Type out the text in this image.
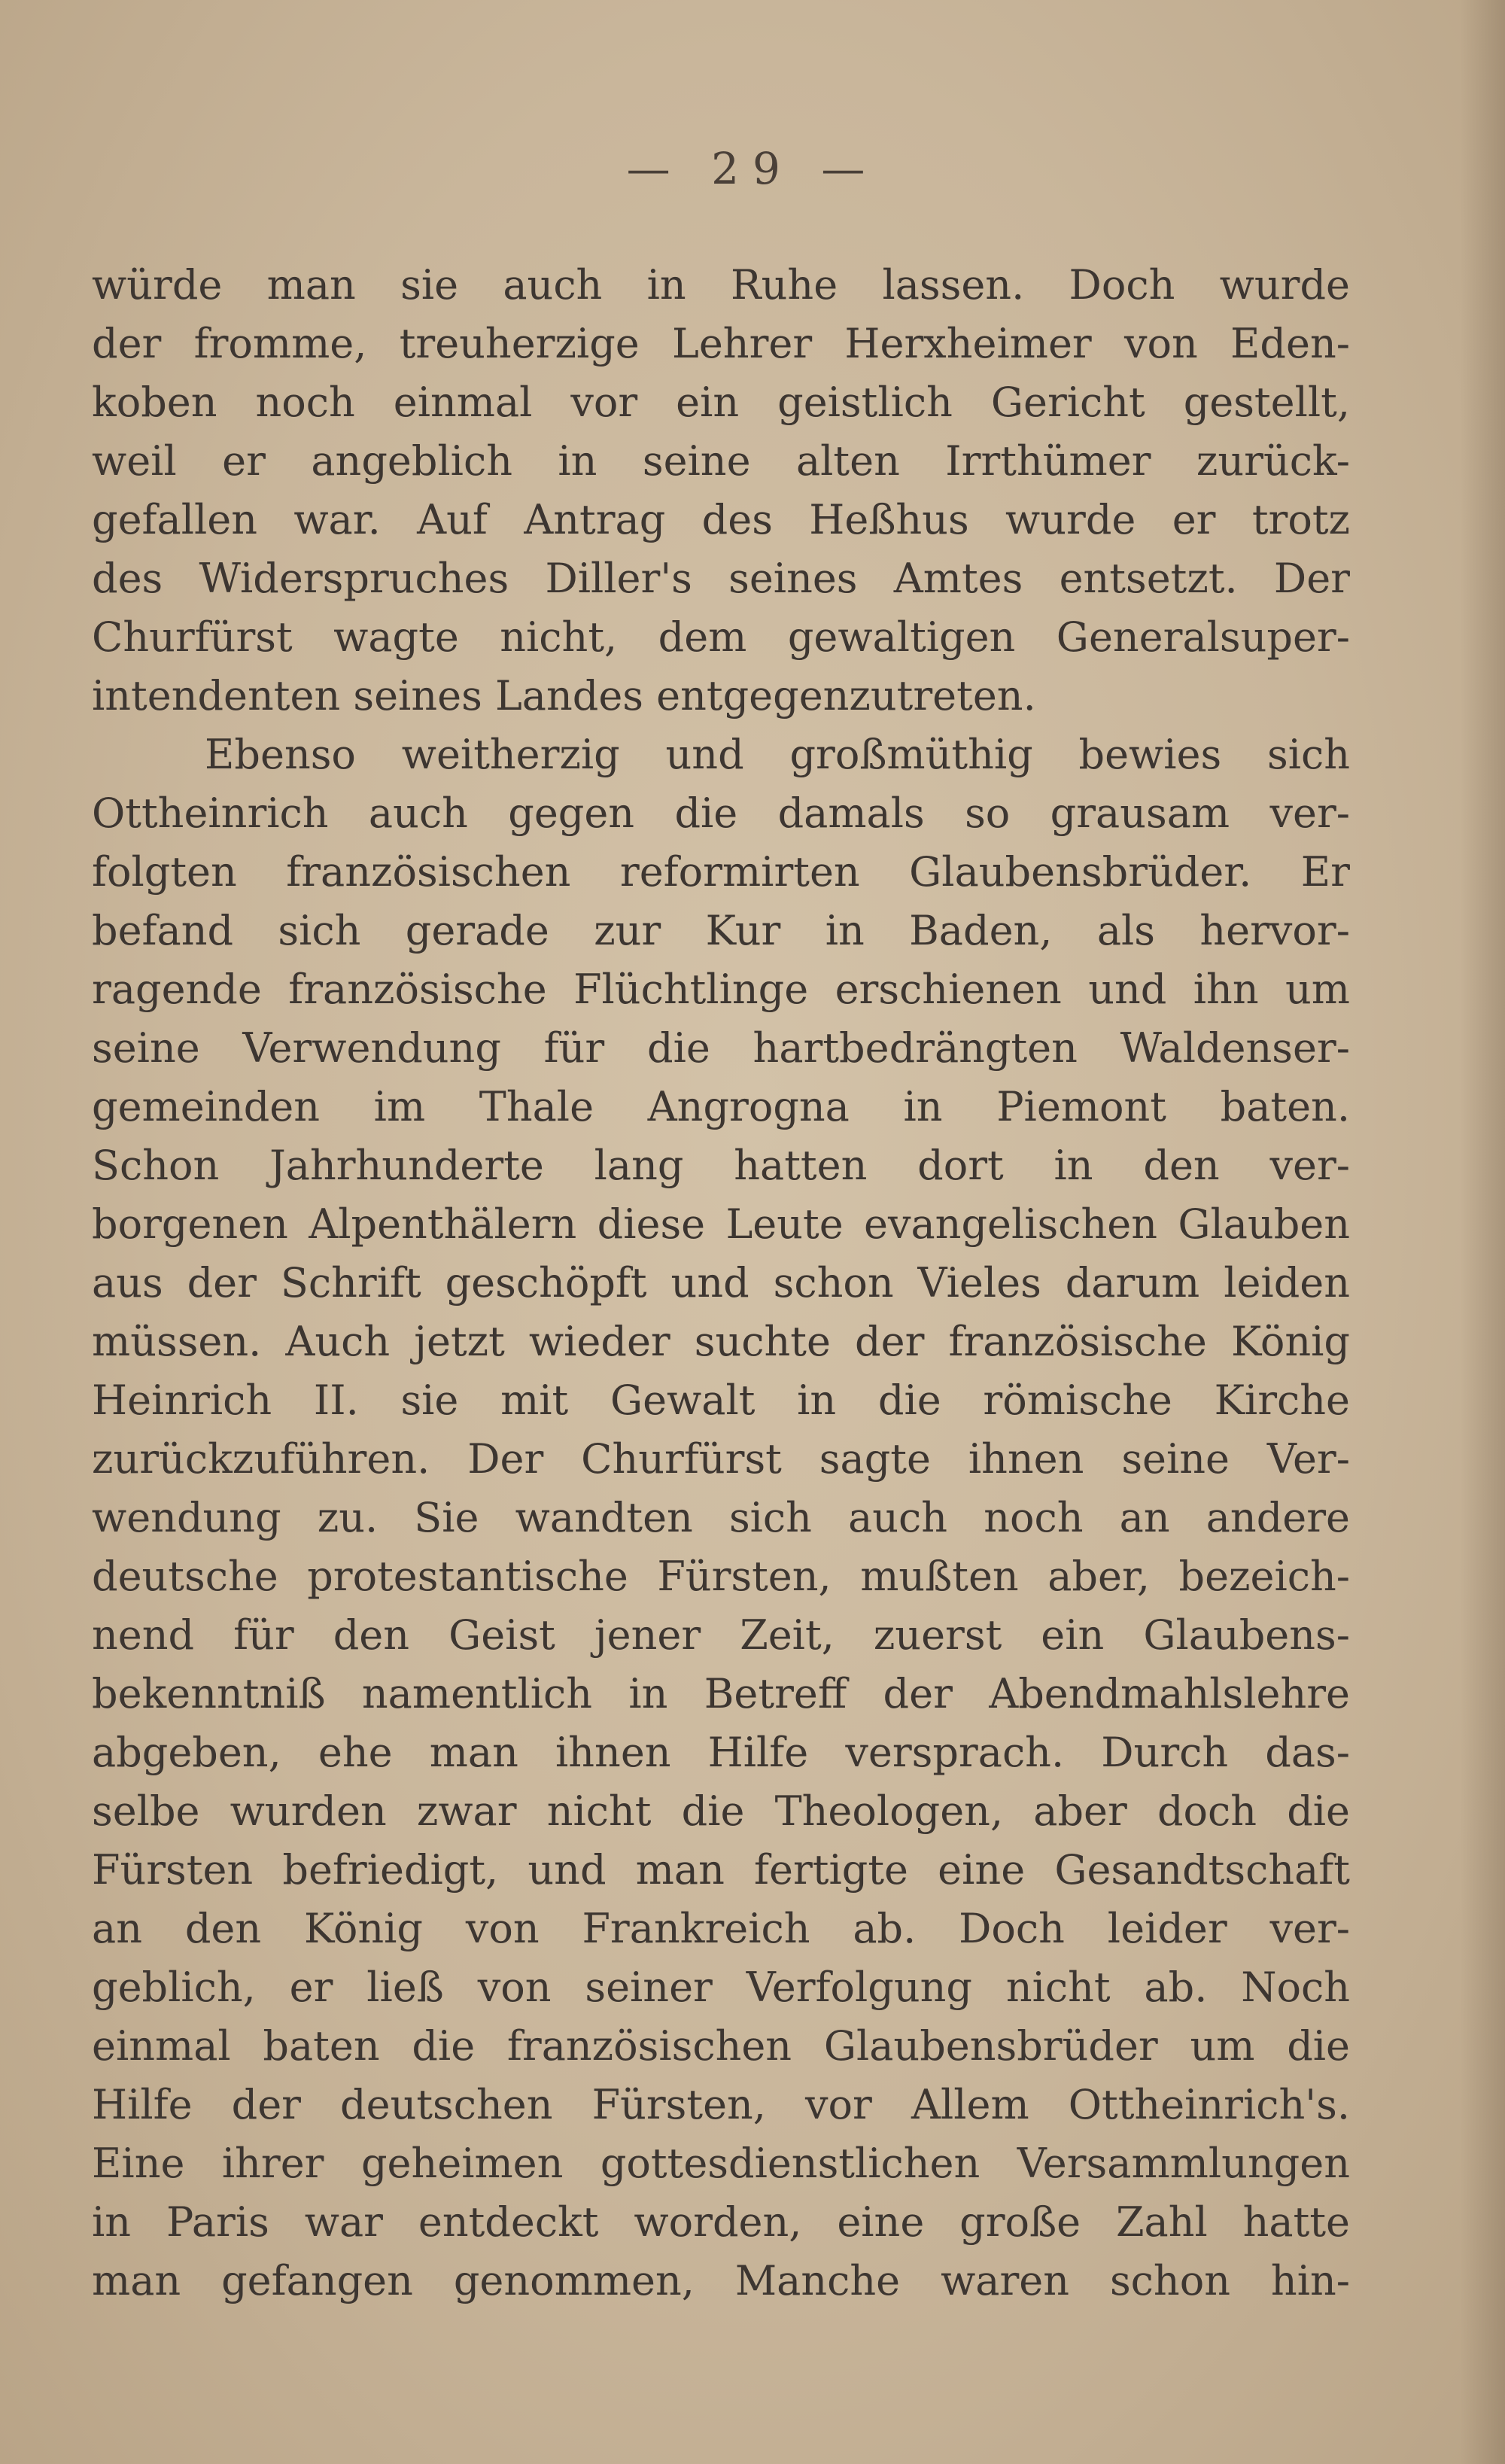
— 29 —
würde man sie auch in Ruhe lassen. Doch wurde
der fromme, treuherzige Lehrer Herxheimer von Eden-
koben noch einmal vor ein geistlich Gericht gestellt,
weil er angeblich in seine alten Irrthümer zurück-
gefallen war. Auf Antrag des Heßhus wurde er trotz
des Widerspruches Diller's seines Amtes entsetzt. Der
Churfürst wagte nicht, dem gewaltigen Generalsuper-
intendenten seines Landes entgegenzutreten.
Ebenso weitherzig und großmüthig bewies sich
Ottheinrich auch gegen die damals so grausam ver-
folgten französischen reformirten Glaubensbrüder. Er
befand sich gerade zur Kur in Baden, als hervor-
ragende französische Flüchtlinge erschienen und ihn um
seine Verwendung für die hartbedrängten Waldenser-
gemeinden im Thale Angrogna in Piemont baten.
Schon Jahrhunderte lang hatten dort in den ver-
borgenen Alpenthälern diese Leute evangelischen Glauben
aus der Schrift geschöpft und schon Vieles darum leiden
müssen. Auch jetzt wieder suchte der französische König
Heinrich II. sie mit Gewalt in die römische Kirche
zurückzuführen. Der Churfürst sagte ihnen seine Ver-
wendung zu. Sie wandten sich auch noch an andere
deutsche protestantische Fürsten, mußten aber, bezeich-
nend für den Geist jener Zeit, zuerst ein Glaubens-
bekenntniß namentlich in Betreff der Abendmahlslehre
abgeben, ehe man ihnen Hilfe versprach. Durch das-
selbe wurden zwar nicht die Theologen, aber doch die
Fürsten befriedigt, und man fertigte eine Gesandtschaft
an den König von Frankreich ab. Doch leider ver-
geblich, er ließ von seiner Verfolgung nicht ab. Noch
einmal baten die französischen Glaubensbrüder um die
Hilfe der deutschen Fürsten, vor Allem Ottheinrich's.
Eine ihrer geheimen gottesdienstlichen Versammlungen
in Paris war entdeckt worden, eine große Zahl hatte
man gefangen genommen, Manche waren schon hin-
